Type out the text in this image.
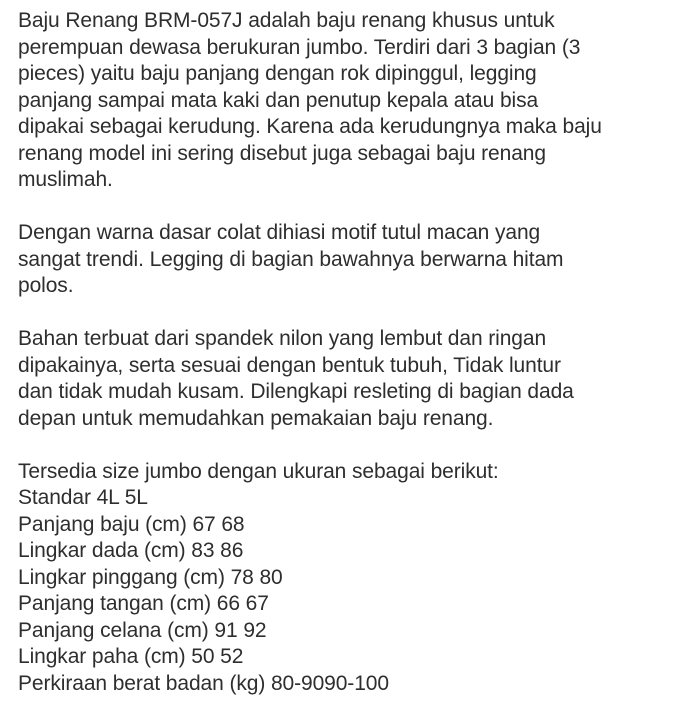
Baju Renang BRM-057J adalah baju renang khusus untuk

perempuan dewasa berukuran jumbo. Terdiri dari 3 bagian (3

pieces) yaitu baju panjang dengan rok dipinggul, legging

panjang sampai mata kaki dan penutup kepala atau bisa

dipakai sebagai kerudung. Karena ada kerudungnya maka baju

renang model ini sering disebut juga sebagai baju renang

muslimah.

Dengan warna dasar colat dihiasi motif tutul macan yang

sangat trendi. Legging di bagian bawahnya berwarna hitam

polos.

Bahan terbuat dari spandek nilon yang lembut dan ringan

dipakainya, serta sesuai dengan bentuk tubuh, Tidak luntur

dan tidak mudah kusam. Dilengkapi resleting di bagian dada

depan untuk memudahkan pemakaian baju renang.

Tersedia size jumbo dengan ukuran sebagai berikut:

Standar 4L 5L

Panjang baju (cm) 67 68

Lingkar dada (cm) 83 86

Lingkar pinggang (cm) 78 80

Panjang tangan (cm) 66 67

Panjang celana (cm) 91 92

Lingkar paha (cm) 50 52

Perkiraan berat badan (kg) 80-9090-100
